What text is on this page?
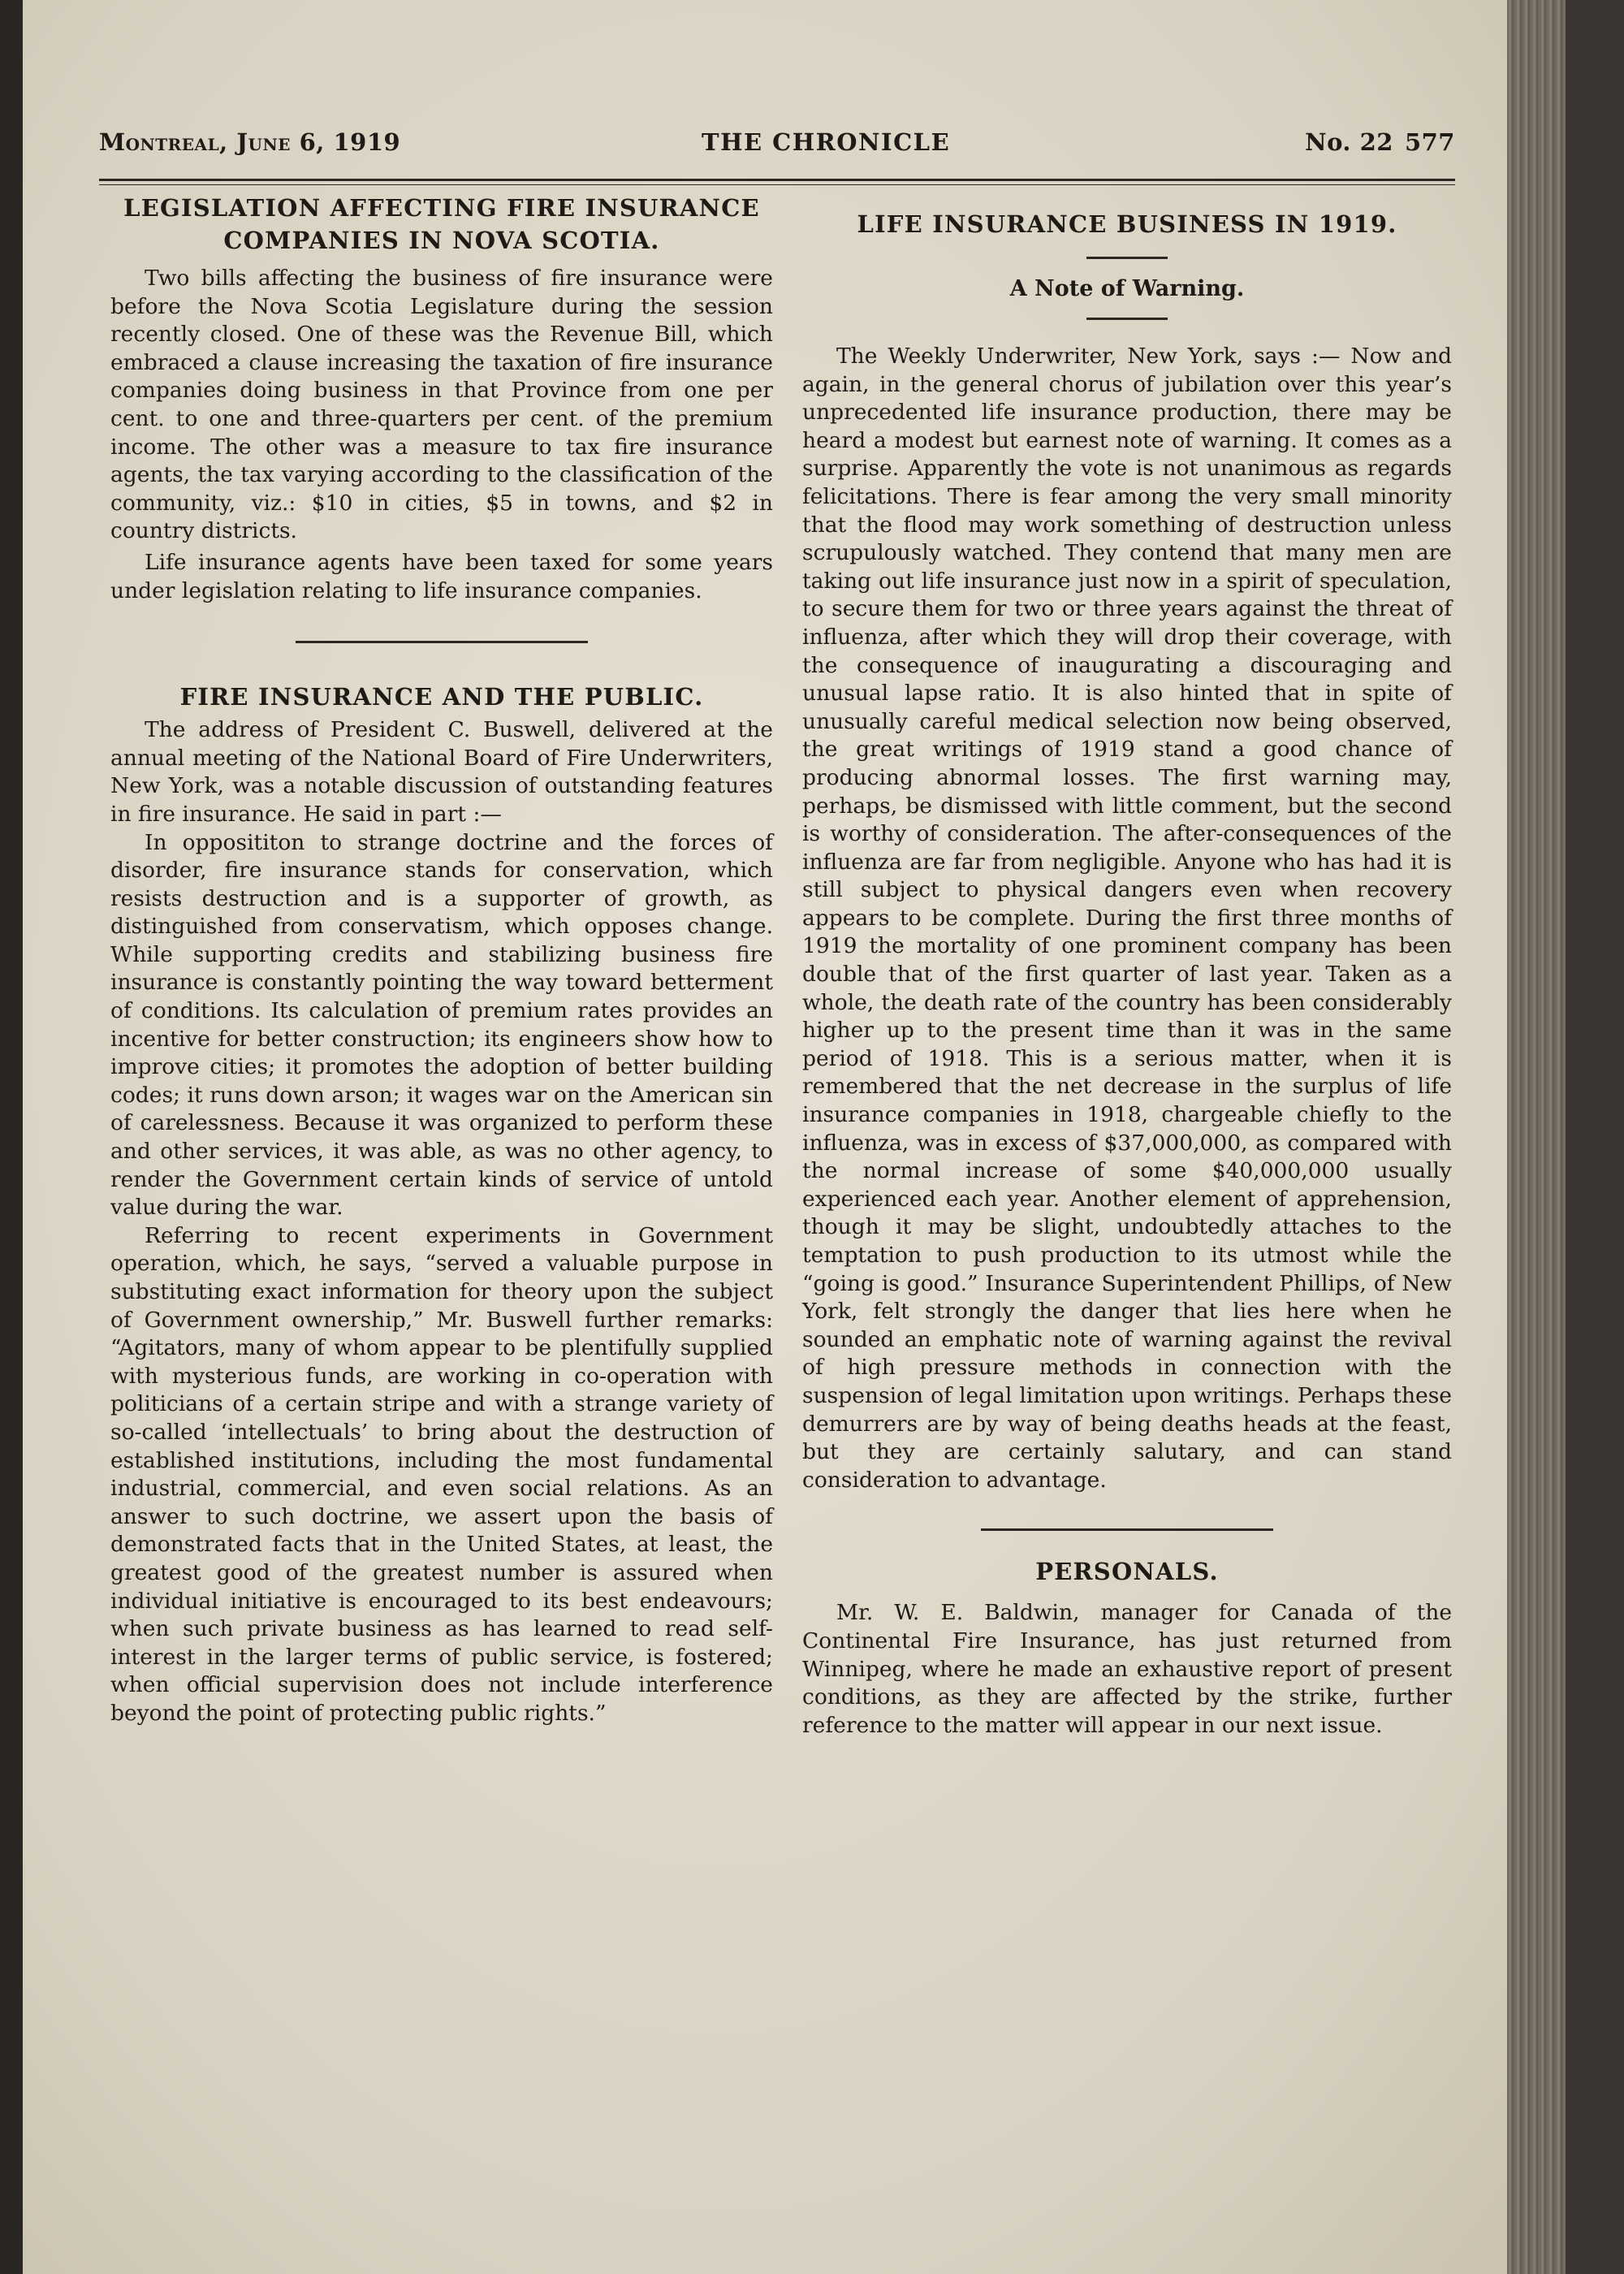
Montreal, June 6, 1919	THE CHRONICLE	No. 22 577
LEGISLATION AFFECTING FIRE INSURANCE COMPANIES IN NOVA SCOTIA.

Two bills affecting the business of fire insurance were before the Nova Scotia Legislature during the session recently closed. One of these was the Revenue Bill, which embraced a clause increasing the taxation of fire insurance companies doing business in that Province from one per cent. to one and three-quarters per cent. of the premium income. The other was a measure to tax fire insurance agents, the tax varying according to the classification of the community, viz.: $10 in cities, $5 in towns, and $2 in country districts.

Life insurance agents have been taxed for some years under legislation relating to life insurance companies.

FIRE INSURANCE AND THE PUBLIC.

The address of President C. Buswell, delivered at the annual meeting of the National Board of Fire Underwriters, New York, was a notable discussion of outstanding features in fire insurance. He said in part :—

In opposititon to strange doctrine and the forces of disorder, fire insurance stands for conservation, which resists destruction and is a supporter of growth, as distinguished from conservatism, which opposes change. While supporting credits and stabilizing business fire insurance is constantly pointing the way toward betterment of conditions. Its calculation of premium rates provides an incentive for better construction; its engineers show how to improve cities; it promotes the adoption of better building codes; it runs down arson; it wages war on the American sin of carelessness. Because it was organized to perform these and other services, it was able, as was no other agency, to render the Government certain kinds of service of untold value during the war.

Referring to recent experiments in Government operation, which, he says, “served a valuable purpose in substituting exact information for theory upon the subject of Government ownership,” Mr. Buswell further remarks: “Agitators, many of whom appear to be plentifully supplied with mysterious funds, are working in co-operation with politicians of a certain stripe and with a strange variety of so-called ‘intellectuals’ to bring about the destruction of established institutions, including the most fundamental industrial, commercial, and even social relations. As an answer to such doctrine, we assert upon the basis of demonstrated facts that in the United States, at least, the greatest good of the greatest number is assured when individual initiative is encouraged to its best endeavours; when such private business as has learned to read self-interest in the larger terms of public service, is fostered; when official supervision does not include interference beyond the point of protecting public rights.”

LIFE INSURANCE BUSINESS IN 1919.
A Note of Warning.

The Weekly Underwriter, New York, says :— Now and again, in the general chorus of jubilation over this year’s unprecedented life insurance production, there may be heard a modest but earnest note of warning. It comes as a surprise. Apparently the vote is not unanimous as regards felicitations. There is fear among the very small minority that the flood may work something of destruction unless scrupulously watched. They contend that many men are taking out life insurance just now in a spirit of speculation, to secure them for two or three years against the threat of influenza, after which they will drop their coverage, with the consequence of inaugurating a discouraging and unusual lapse ratio. It is also hinted that in spite of unusually careful medical selection now being observed, the great writings of 1919 stand a good chance of producing abnormal losses. The first warning may, perhaps, be dismissed with little comment, but the second is worthy of consideration. The after-consequences of the influenza are far from negligible. Anyone who has had it is still subject to physical dangers even when recovery appears to be complete. During the first three months of 1919 the mortality of one prominent company has been double that of the first quarter of last year. Taken as a whole, the death rate of the country has been considerably higher up to the present time than it was in the same period of 1918. This is a serious matter, when it is remembered that the net decrease in the surplus of life insurance companies in 1918, chargeable chiefly to the influenza, was in excess of $37,000,000, as compared with the normal increase of some $40,000,000 usually experienced each year. Another element of apprehension, though it may be slight, undoubtedly attaches to the temptation to push production to its utmost while the “going is good.” Insurance Superintendent Phillips, of New York, felt strongly the danger that lies here when he sounded an emphatic note of warning against the revival of high pressure methods in connection with the suspension of legal limitation upon writings. Perhaps these demurrers are by way of being deaths heads at the feast, but they are certainly salutary, and can stand consideration to advantage.

PERSONALS.

Mr. W. E. Baldwin, manager for Canada of the Continental Fire Insurance, has just returned from Winnipeg, where he made an exhaustive report of present conditions, as they are affected by the strike, further reference to the matter will appear in our next issue.
